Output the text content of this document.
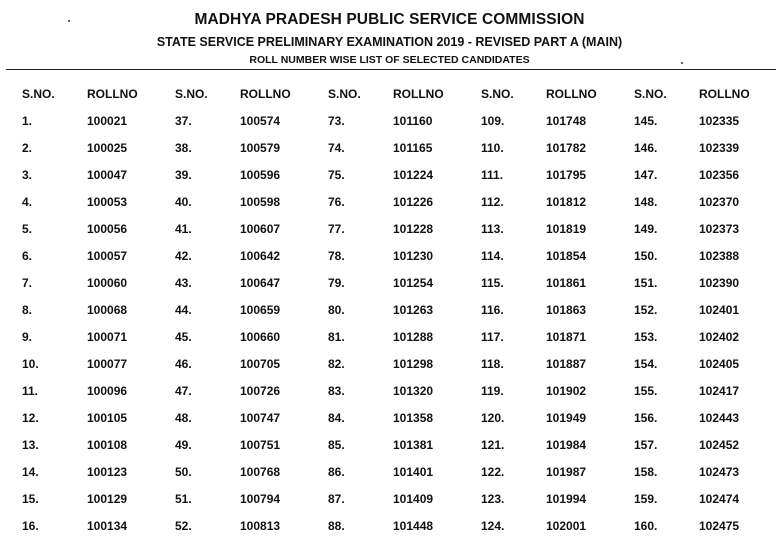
MADHYA PRADESH PUBLIC SERVICE COMMISSION
STATE SERVICE PRELIMINARY EXAMINATION 2019 - REVISED PART A (MAIN)
ROLL NUMBER WISE LIST OF SELECTED CANDIDATES
	S.NO.	ROLLNO	S.NO.	ROLLNO	S.NO.	ROLLNO	S.NO.	ROLLNO	S.NO.	ROLLNO
	1.	100021	37.	100574	73.	101160	109.	101748	145.	102335
	2.	100025	38.	100579	74.	101165	110.	101782	146.	102339
	3.	100047	39.	100596	75.	101224	111.	101795	147.	102356
	4.	100053	40.	100598	76.	101226	112.	101812	148.	102370
	5.	100056	41.	100607	77.	101228	113.	101819	149.	102373
	6.	100057	42.	100642	78.	101230	114.	101854	150.	102388
	7.	100060	43.	100647	79.	101254	115.	101861	151.	102390
	8.	100068	44.	100659	80.	101263	116.	101863	152.	102401
	9.	100071	45.	100660	81.	101288	117.	101871	153.	102402
	10.	100077	46.	100705	82.	101298	118.	101887	154.	102405
	11.	100096	47.	100726	83.	101320	119.	101902	155.	102417
	12.	100105	48.	100747	84.	101358	120.	101949	156.	102443
	13.	100108	49.	100751	85.	101381	121.	101984	157.	102452
	14.	100123	50.	100768	86.	101401	122.	101987	158.	102473
	15.	100129	51.	100794	87.	101409	123.	101994	159.	102474
	16.	100134	52.	100813	88.	101448	124.	102001	160.	102475
